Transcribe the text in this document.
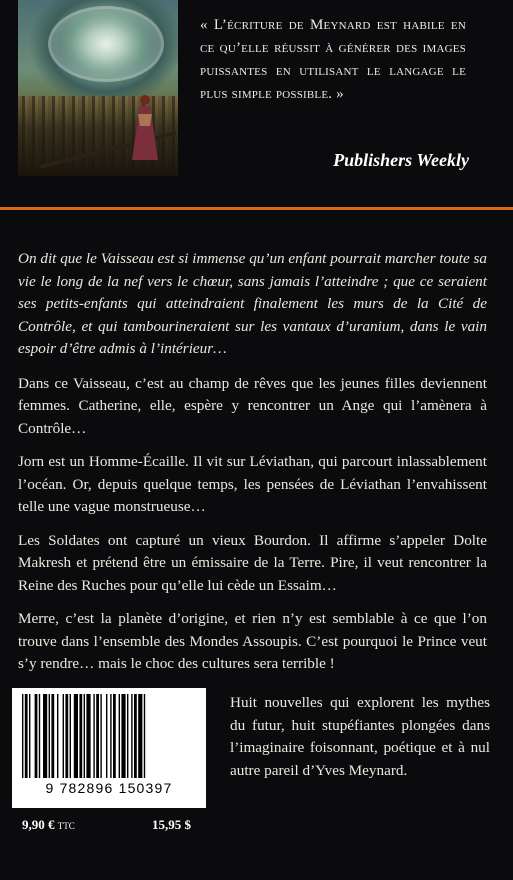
« L’écriture de Meynard est habile en ce qu’elle réussit à générer des images puissantes en utilisant le langage le plus simple possible. »
Publishers Weekly

On dit que le Vaisseau est si immense qu’un enfant pourrait marcher toute sa vie le long de la nef vers le chœur, sans jamais l’atteindre ; que ce seraient ses petits-enfants qui atteindraient finalement les murs de la Cité de Contrôle, et qui tambourineraient sur les vantaux d’uranium, dans le vain espoir d’être admis à l’intérieur…

Dans ce Vaisseau, c’est au champ de rêves que les jeunes filles deviennent femmes. Catherine, elle, espère y rencontrer un Ange qui l’amènera à Contrôle…

Jorn est un Homme-Écaille. Il vit sur Léviathan, qui parcourt inlassablement l’océan. Or, depuis quelque temps, les pensées de Léviathan l’envahissent telle une vague monstrueuse…

Les Soldates ont capturé un vieux Bourdon. Il affirme s’appeler Dolte Makresh et prétend être un émissaire de la Terre. Pire, il veut rencontrer la Reine des Ruches pour qu’elle lui cède un Essaim…

Merre, c’est la planète d’origine, et rien n’y est semblable à ce que l’on trouve dans l’ensemble des Mondes Assoupis. C’est pourquoi le Prince veut s’y rendre… mais le choc des cultures sera terrible !

9 782896 150397
9,90 € TTC	15,95 $
Huit nouvelles qui explorent les mythes du futur, huit stupéfiantes plongées dans l’imaginaire foisonnant, poétique et à nul autre pareil d’Yves Meynard.
